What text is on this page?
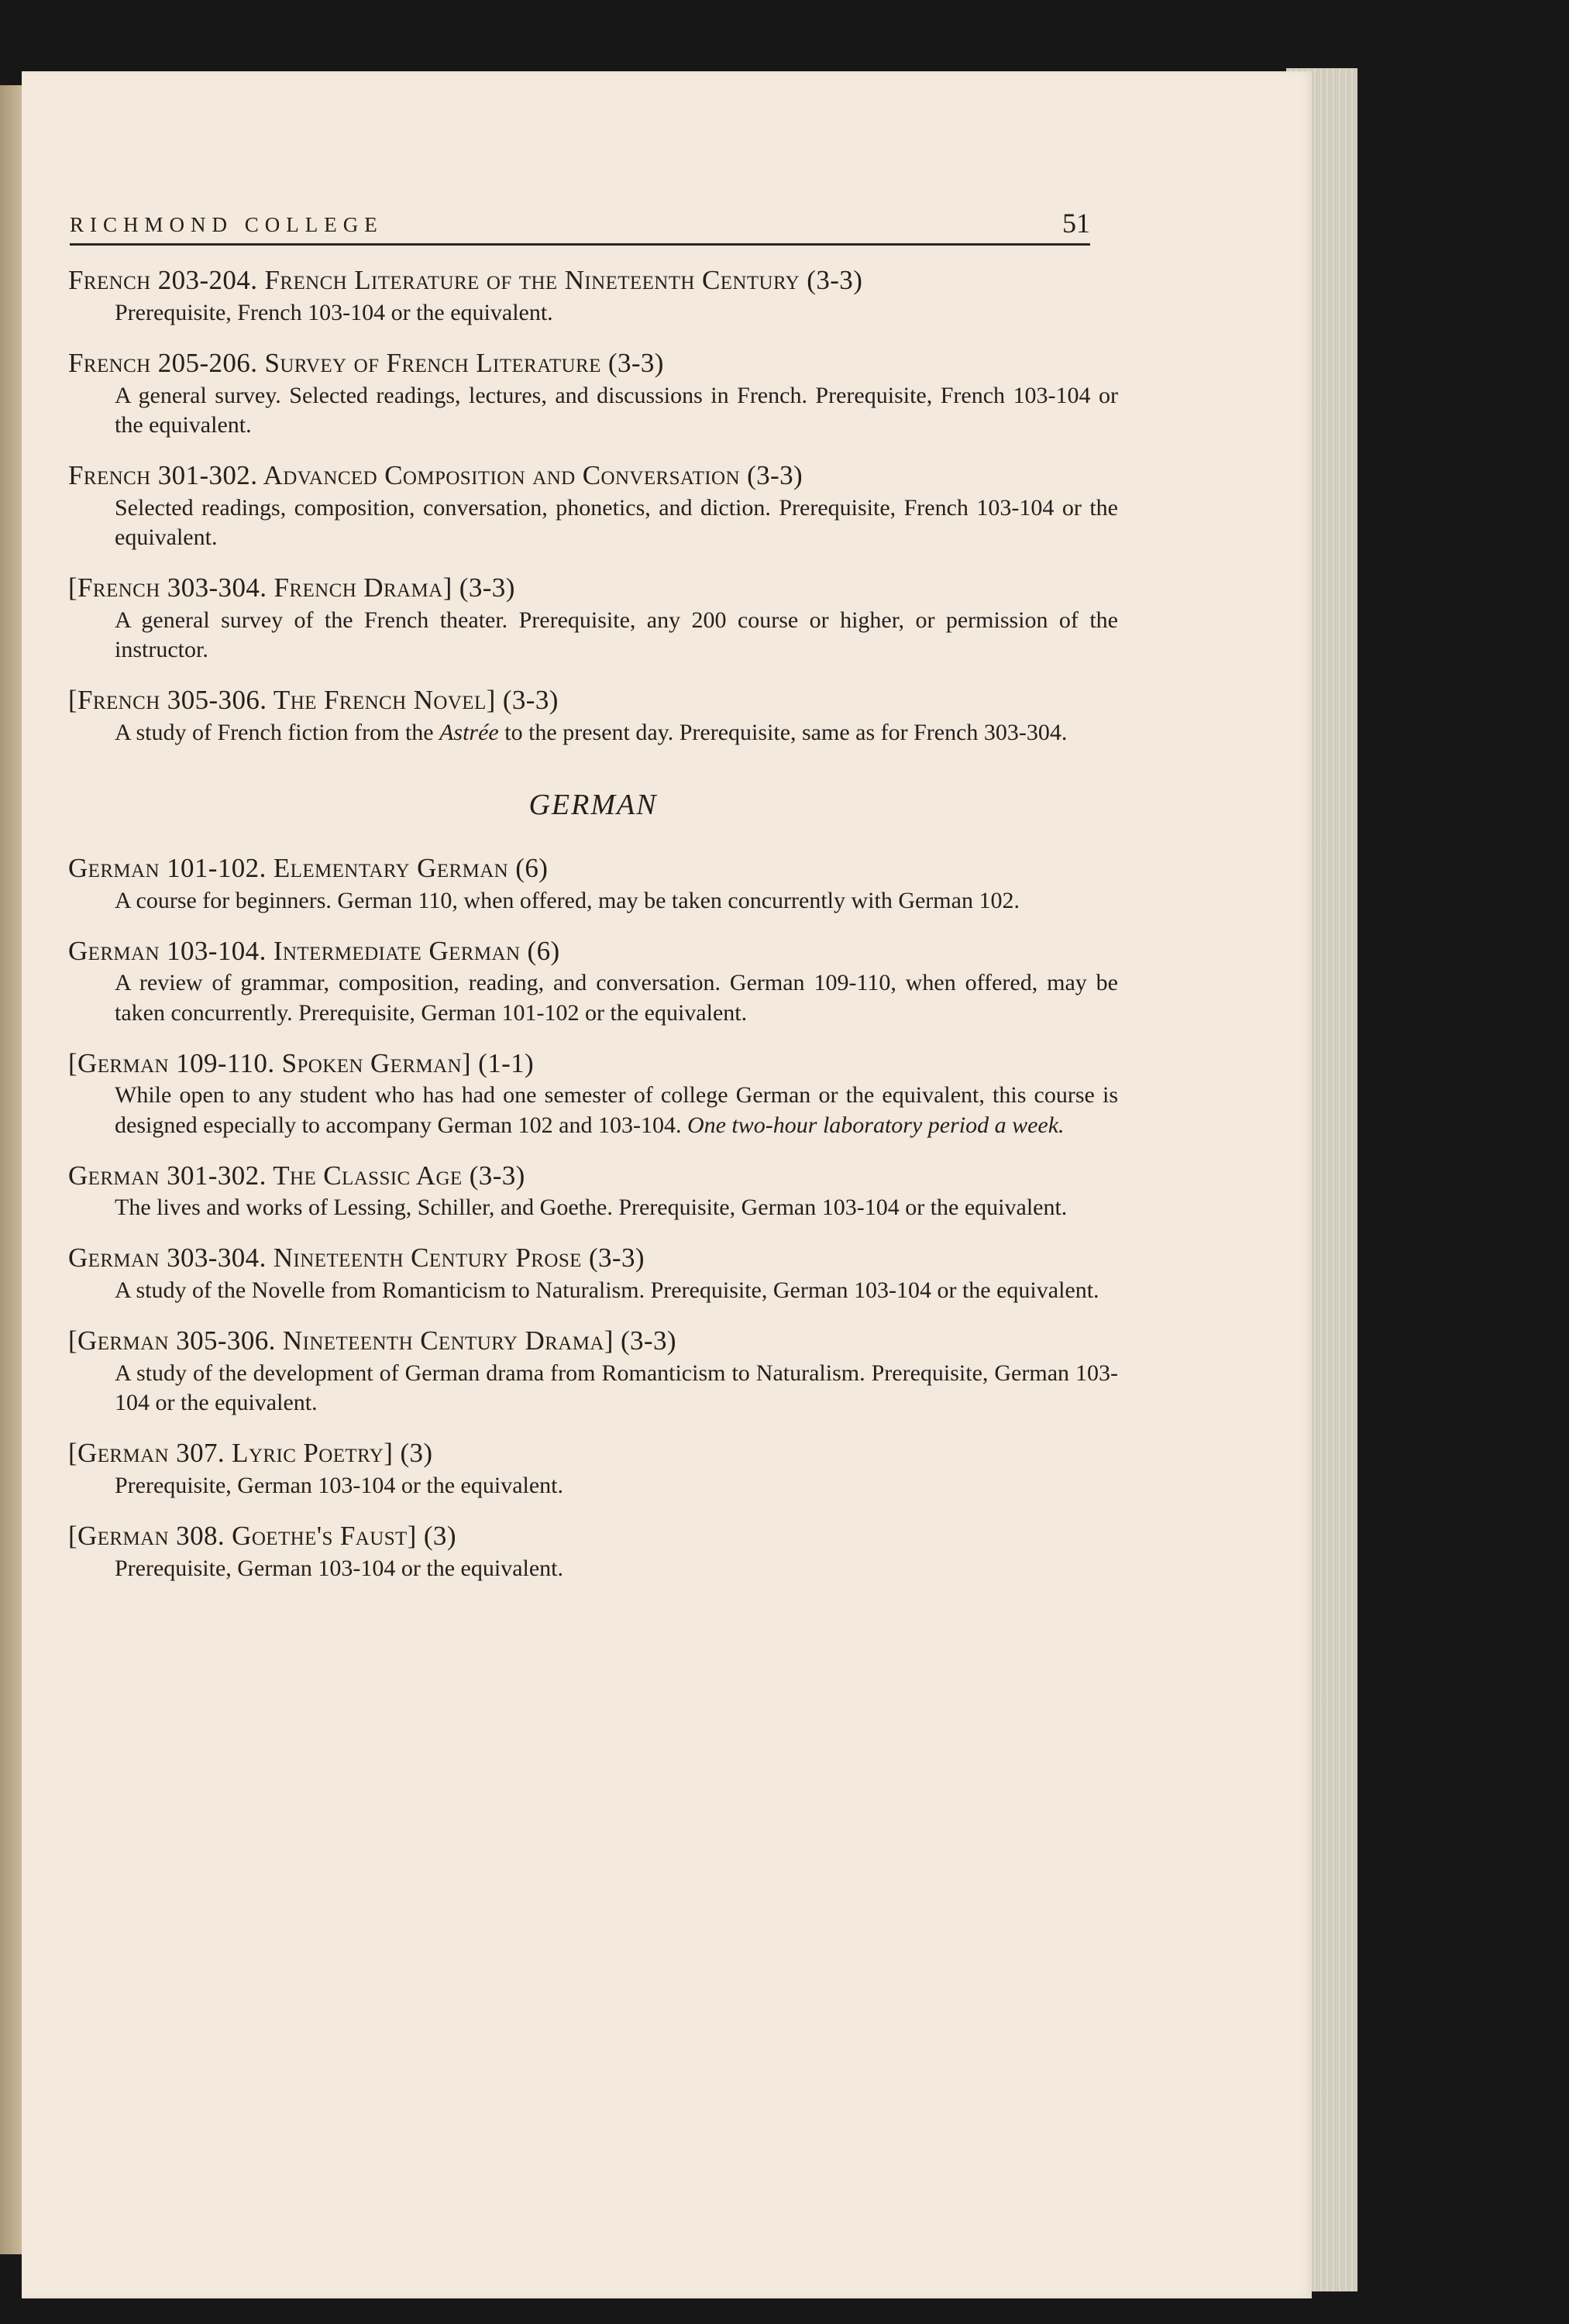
RICHMOND COLLEGE	51
French 203-204. French Literature of the Nineteenth Century (3-3)
Prerequisite, French 103-104 or the equivalent.
French 205-206. Survey of French Literature (3-3)
A general survey. Selected readings, lectures, and discussions in French. Prerequisite, French 103-104 or the equivalent.
French 301-302. Advanced Composition and Conversation (3-3)
Selected readings, composition, conversation, phonetics, and diction. Prerequisite, French 103-104 or the equivalent.
[French 303-304. French Drama] (3-3)
A general survey of the French theater. Prerequisite, any 200 course or higher, or permission of the instructor.
[French 305-306. The French Novel] (3-3)
A study of French fiction from the Astrée to the present day. Prerequisite, same as for French 303-304.
GERMAN
German 101-102. Elementary German (6)
A course for beginners. German 110, when offered, may be taken concurrently with German 102.
German 103-104. Intermediate German (6)
A review of grammar, composition, reading, and conversation. German 109-110, when offered, may be taken concurrently. Prerequisite, German 101-102 or the equivalent.
[German 109-110. Spoken German] (1-1)
While open to any student who has had one semester of college German or the equivalent, this course is designed especially to accompany German 102 and 103-104. One two-hour laboratory period a week.
German 301-302. The Classic Age (3-3)
The lives and works of Lessing, Schiller, and Goethe. Prerequisite, German 103-104 or the equivalent.
German 303-304. Nineteenth Century Prose (3-3)
A study of the Novelle from Romanticism to Naturalism. Prerequisite, German 103-104 or the equivalent.
[German 305-306. Nineteenth Century Drama] (3-3)
A study of the development of German drama from Romanticism to Naturalism. Prerequisite, German 103-104 or the equivalent.
[German 307. Lyric Poetry] (3)
Prerequisite, German 103-104 or the equivalent.
[German 308. Goethe's Faust] (3)
Prerequisite, German 103-104 or the equivalent.
